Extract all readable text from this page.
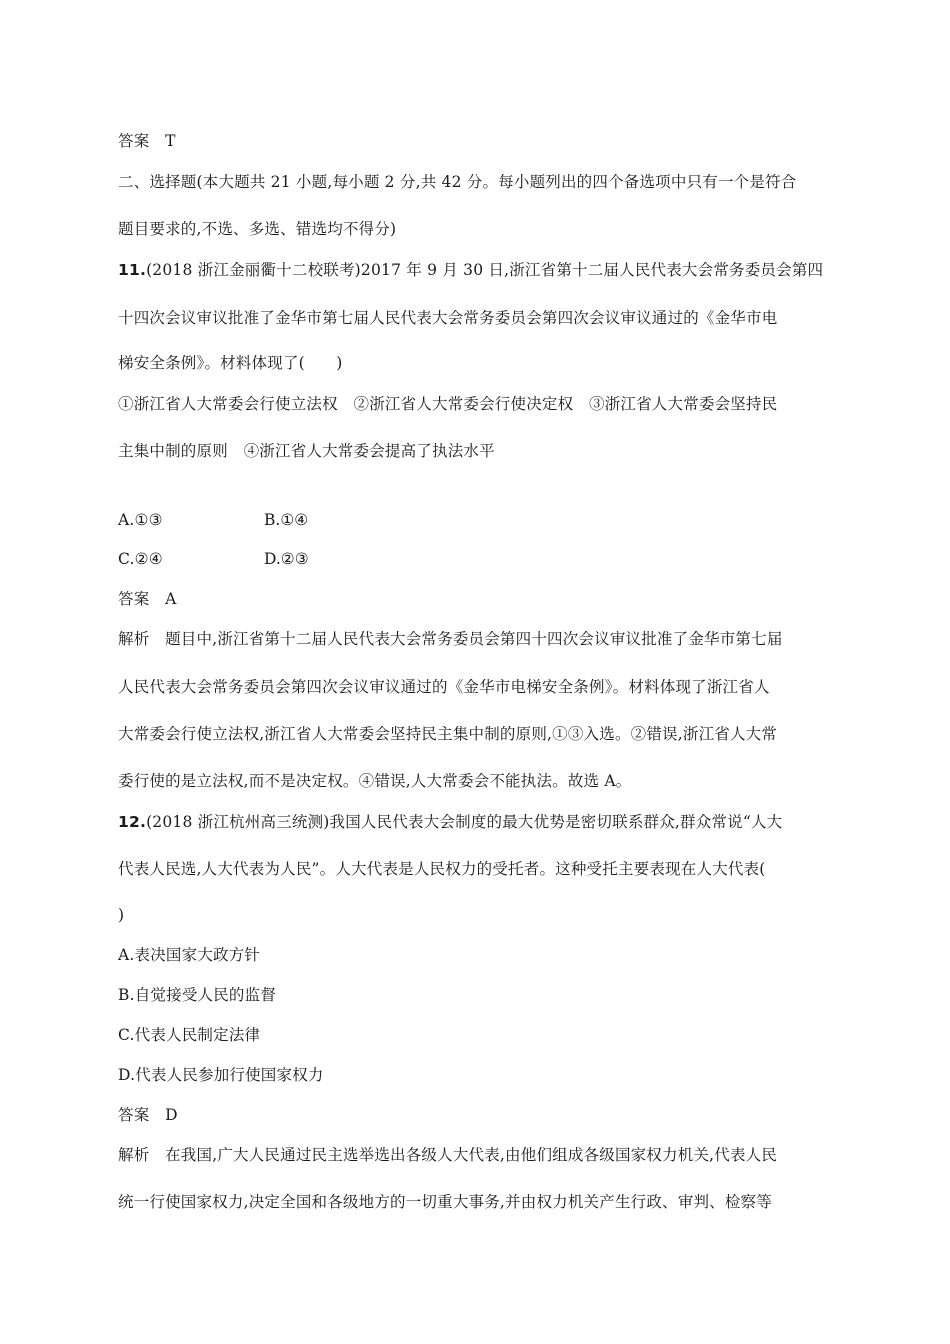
答案　T
二、选择题(本大题共 21 小题,每小题 2 分,共 42 分。每小题列出的四个备选项中只有一个是符合
题目要求的,不选、多选、错选均不得分)
11.(2018 浙江金丽衢十二校联考)2017 年 9 月 30 日,浙江省第十二届人民代表大会常务委员会第四
十四次会议审议批准了金华市第七届人民代表大会常务委员会第四次会议审议通过的《金华市电
梯安全条例》。材料体现了(　　)
①浙江省人大常委会行使立法权　②浙江省人大常委会行使决定权　③浙江省人大常委会坚持民
主集中制的原则　④浙江省人大常委会提高了执法水平
A.①③	B.①④
C.②④	D.②③
答案　A
解析　题目中,浙江省第十二届人民代表大会常务委员会第四十四次会议审议批准了金华市第七届
人民代表大会常务委员会第四次会议审议通过的《金华市电梯安全条例》。材料体现了浙江省人
大常委会行使立法权,浙江省人大常委会坚持民主集中制的原则,①③入选。②错误,浙江省人大常
委行使的是立法权,而不是决定权。④错误,人大常委会不能执法。故选 A。
12.(2018 浙江杭州高三统测)我国人民代表大会制度的最大优势是密切联系群众,群众常说“人大
代表人民选,人大代表为人民”。人大代表是人民权力的受托者。这种受托主要表现在人大代表(
)
A.表决国家大政方针
B.自觉接受人民的监督
C.代表人民制定法律
D.代表人民参加行使国家权力
答案　D
解析　在我国,广大人民通过民主选举选出各级人大代表,由他们组成各级国家权力机关,代表人民
统一行使国家权力,决定全国和各级地方的一切重大事务,并由权力机关产生行政、审判、检察等
